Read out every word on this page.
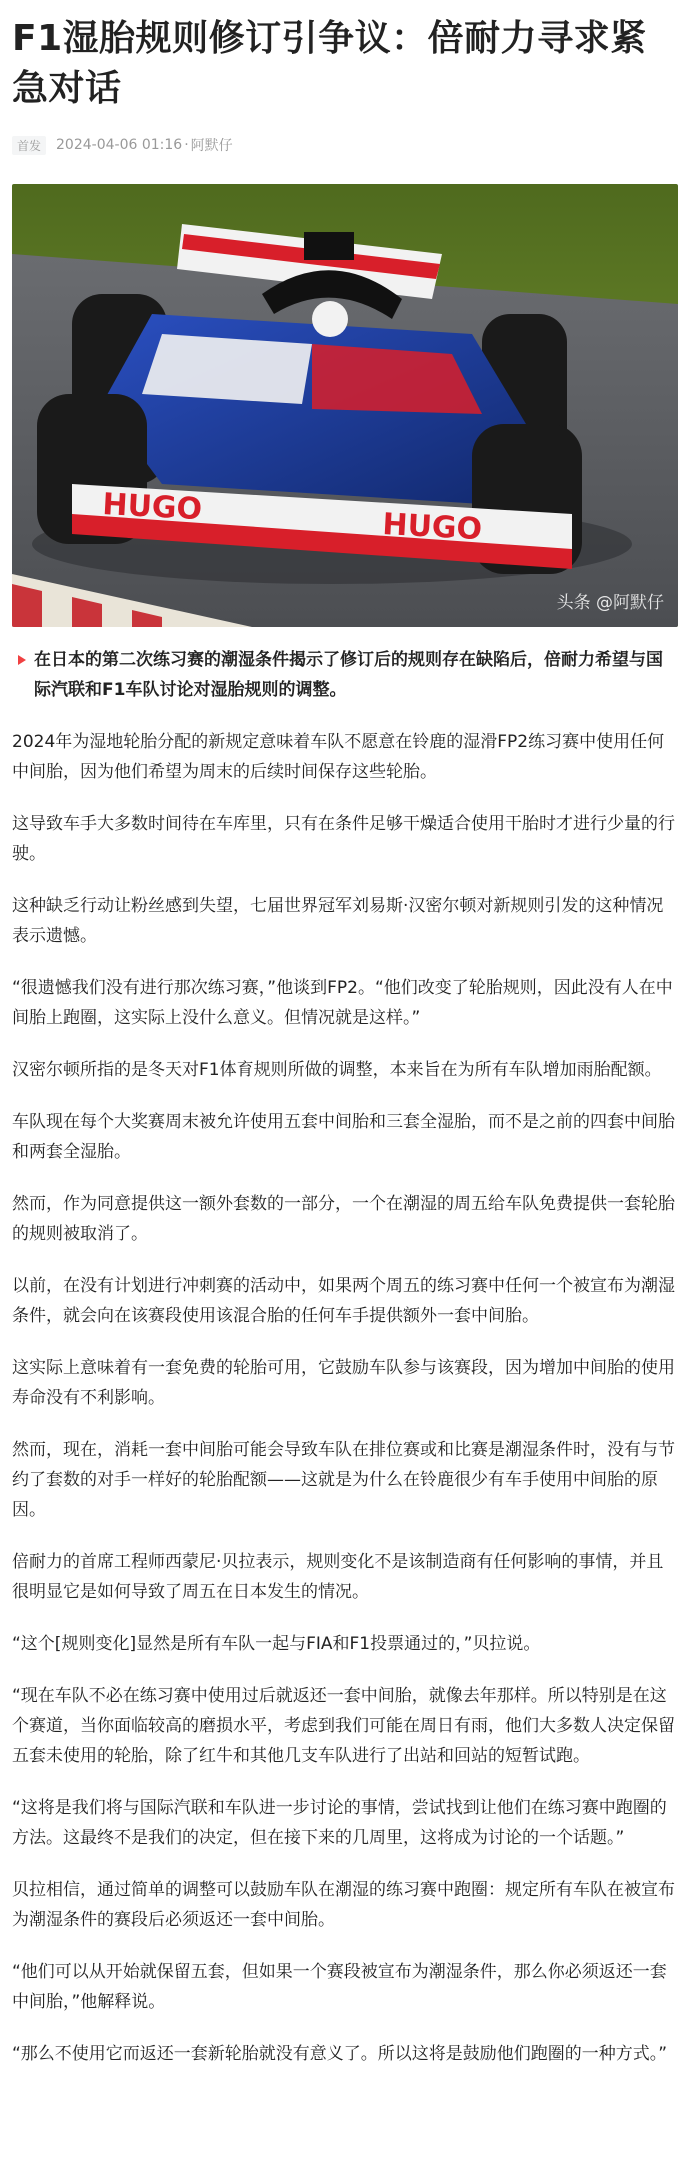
F1湿胎规则修订引争议：倍耐力寻求紧急对话
首发	2024-04-06 01:16 · 阿默仔
HUGO	HUGO
头条 @阿默仔

在日本的第二次练习赛的潮湿条件揭示了修订后的规则存在缺陷后，倍耐力希望与国际汽联和F1车队讨论对湿胎规则的调整。

2024年为湿地轮胎分配的新规定意味着车队不愿意在铃鹿的湿滑FP2练习赛中使用任何中间胎，因为他们希望为周末的后续时间保存这些轮胎。

这导致车手大多数时间待在车库里，只有在条件足够干燥适合使用干胎时才进行少量的行驶。

这种缺乏行动让粉丝感到失望，七届世界冠军刘易斯·汉密尔顿对新规则引发的这种情况表示遗憾。

“很遗憾我们没有进行那次练习赛，”他谈到FP2。“他们改变了轮胎规则，因此没有人在中间胎上跑圈，这实际上没什么意义。但情况就是这样。”

汉密尔顿所指的是冬天对F1体育规则所做的调整，本来旨在为所有车队增加雨胎配额。

车队现在每个大奖赛周末被允许使用五套中间胎和三套全湿胎，而不是之前的四套中间胎和两套全湿胎。

然而，作为同意提供这一额外套数的一部分，一个在潮湿的周五给车队免费提供一套轮胎的规则被取消了。

以前，在没有计划进行冲刺赛的活动中，如果两个周五的练习赛中任何一个被宣布为潮湿条件，就会向在该赛段使用该混合胎的任何车手提供额外一套中间胎。

这实际上意味着有一套免费的轮胎可用，它鼓励车队参与该赛段，因为增加中间胎的使用寿命没有不利影响。

然而，现在，消耗一套中间胎可能会导致车队在排位赛或和比赛是潮湿条件时，没有与节约了套数的对手一样好的轮胎配额——这就是为什么在铃鹿很少有车手使用中间胎的原因。

倍耐力的首席工程师西蒙尼·贝拉表示，规则变化不是该制造商有任何影响的事情，并且很明显它是如何导致了周五在日本发生的情况。

“这个[规则变化]显然是所有车队一起与FIA和F1投票通过的，”贝拉说。

“现在车队不必在练习赛中使用过后就返还一套中间胎，就像去年那样。所以特别是在这个赛道，当你面临较高的磨损水平，考虑到我们可能在周日有雨，他们大多数人决定保留五套未使用的轮胎，除了红牛和其他几支车队进行了出站和回站的短暂试跑。

“这将是我们将与国际汽联和车队进一步讨论的事情，尝试找到让他们在练习赛中跑圈的方法。这最终不是我们的决定，但在接下来的几周里，这将成为讨论的一个话题。”

贝拉相信，通过简单的调整可以鼓励车队在潮湿的练习赛中跑圈：规定所有车队在被宣布为潮湿条件的赛段后必须返还一套中间胎。

“他们可以从开始就保留五套，但如果一个赛段被宣布为潮湿条件，那么你必须返还一套中间胎，”他解释说。

“那么不使用它而返还一套新轮胎就没有意义了。所以这将是鼓励他们跑圈的一种方式。”
